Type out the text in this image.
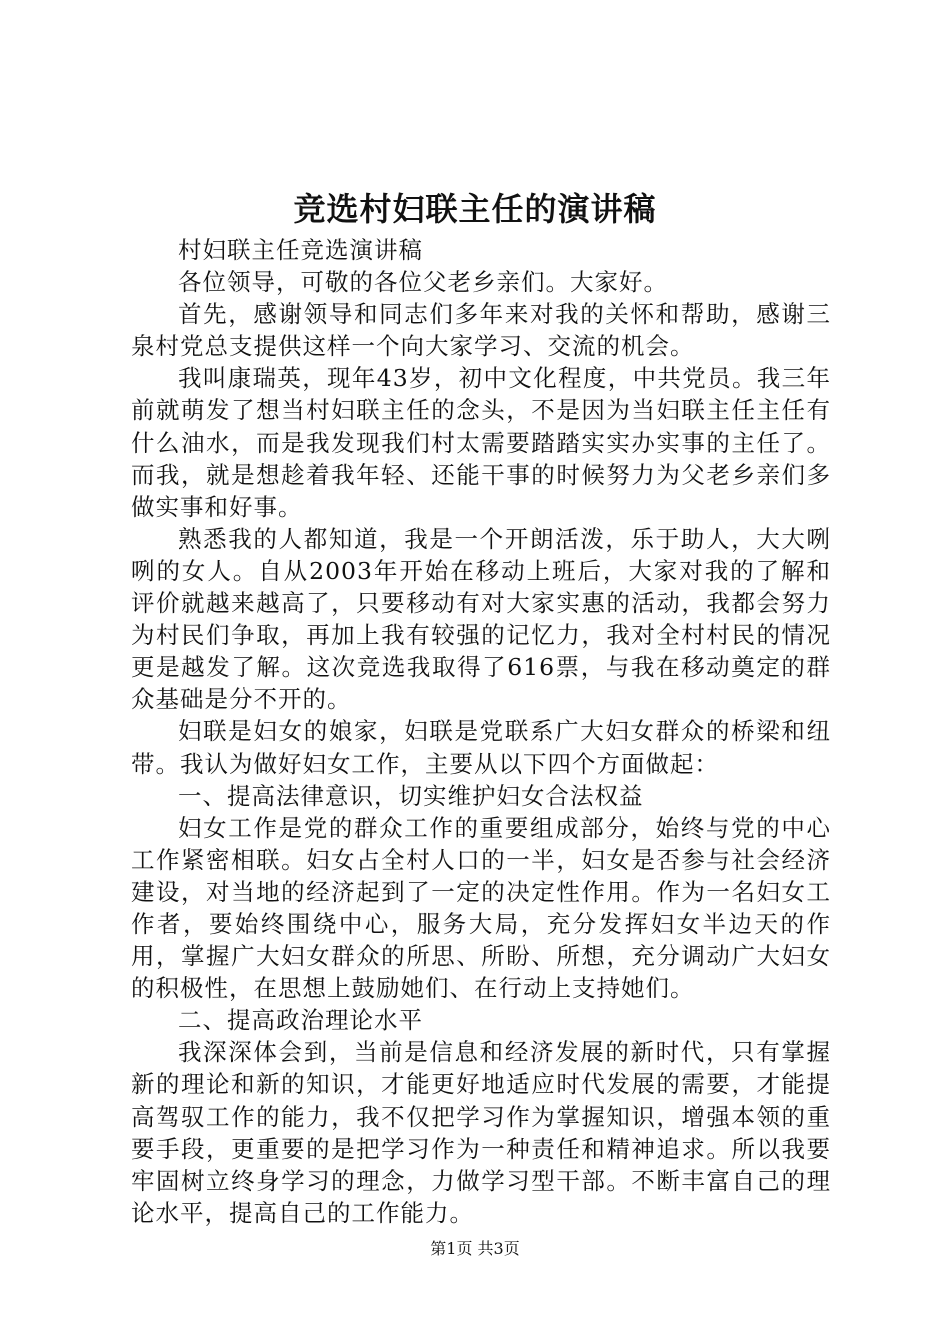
竞选村妇联主任的演讲稿

村妇联主任竞选演讲稿

各位领导，可敬的各位父老乡亲们。大家好。

首先，感谢领导和同志们多年来对我的关怀和帮助，感谢三泉村党总支提供这样一个向大家学习、交流的机会。

我叫康瑞英，现年43岁，初中文化程度，中共党员。我三年前就萌发了想当村妇联主任的念头，不是因为当妇联主任主任有什么油水，而是我发现我们村太需要踏踏实实办实事的主任了。而我，就是想趁着我年轻、还能干事的时候努力为父老乡亲们多做实事和好事。

熟悉我的人都知道，我是一个开朗活泼，乐于助人，大大咧咧的女人。自从2003年开始在移动上班后，大家对我的了解和评价就越来越高了，只要移动有对大家实惠的活动，我都会努力为村民们争取，再加上我有较强的记忆力，我对全村村民的情况更是越发了解。这次竞选我取得了616票，与我在移动奠定的群众基础是分不开的。

妇联是妇女的娘家，妇联是党联系广大妇女群众的桥梁和纽带。我认为做好妇女工作，主要从以下四个方面做起：

一、提高法律意识，切实维护妇女合法权益

妇女工作是党的群众工作的重要组成部分，始终与党的中心工作紧密相联。妇女占全村人口的一半，妇女是否参与社会经济建设，对当地的经济起到了一定的决定性作用。作为一名妇女工作者，要始终围绕中心，服务大局，充分发挥妇女半边天的作用，掌握广大妇女群众的所思、所盼、所想，充分调动广大妇女的积极性，在思想上鼓励她们、在行动上支持她们。

二、提高政治理论水平

我深深体会到，当前是信息和经济发展的新时代，只有掌握新的理论和新的知识，才能更好地适应时代发展的需要，才能提高驾驭工作的能力，我不仅把学习作为掌握知识，增强本领的重要手段，更重要的是把学习作为一种责任和精神追求。所以我要牢固树立终身学习的理念，力做学习型干部。不断丰富自己的理论水平，提高自己的工作能力。

第1页 共3页
